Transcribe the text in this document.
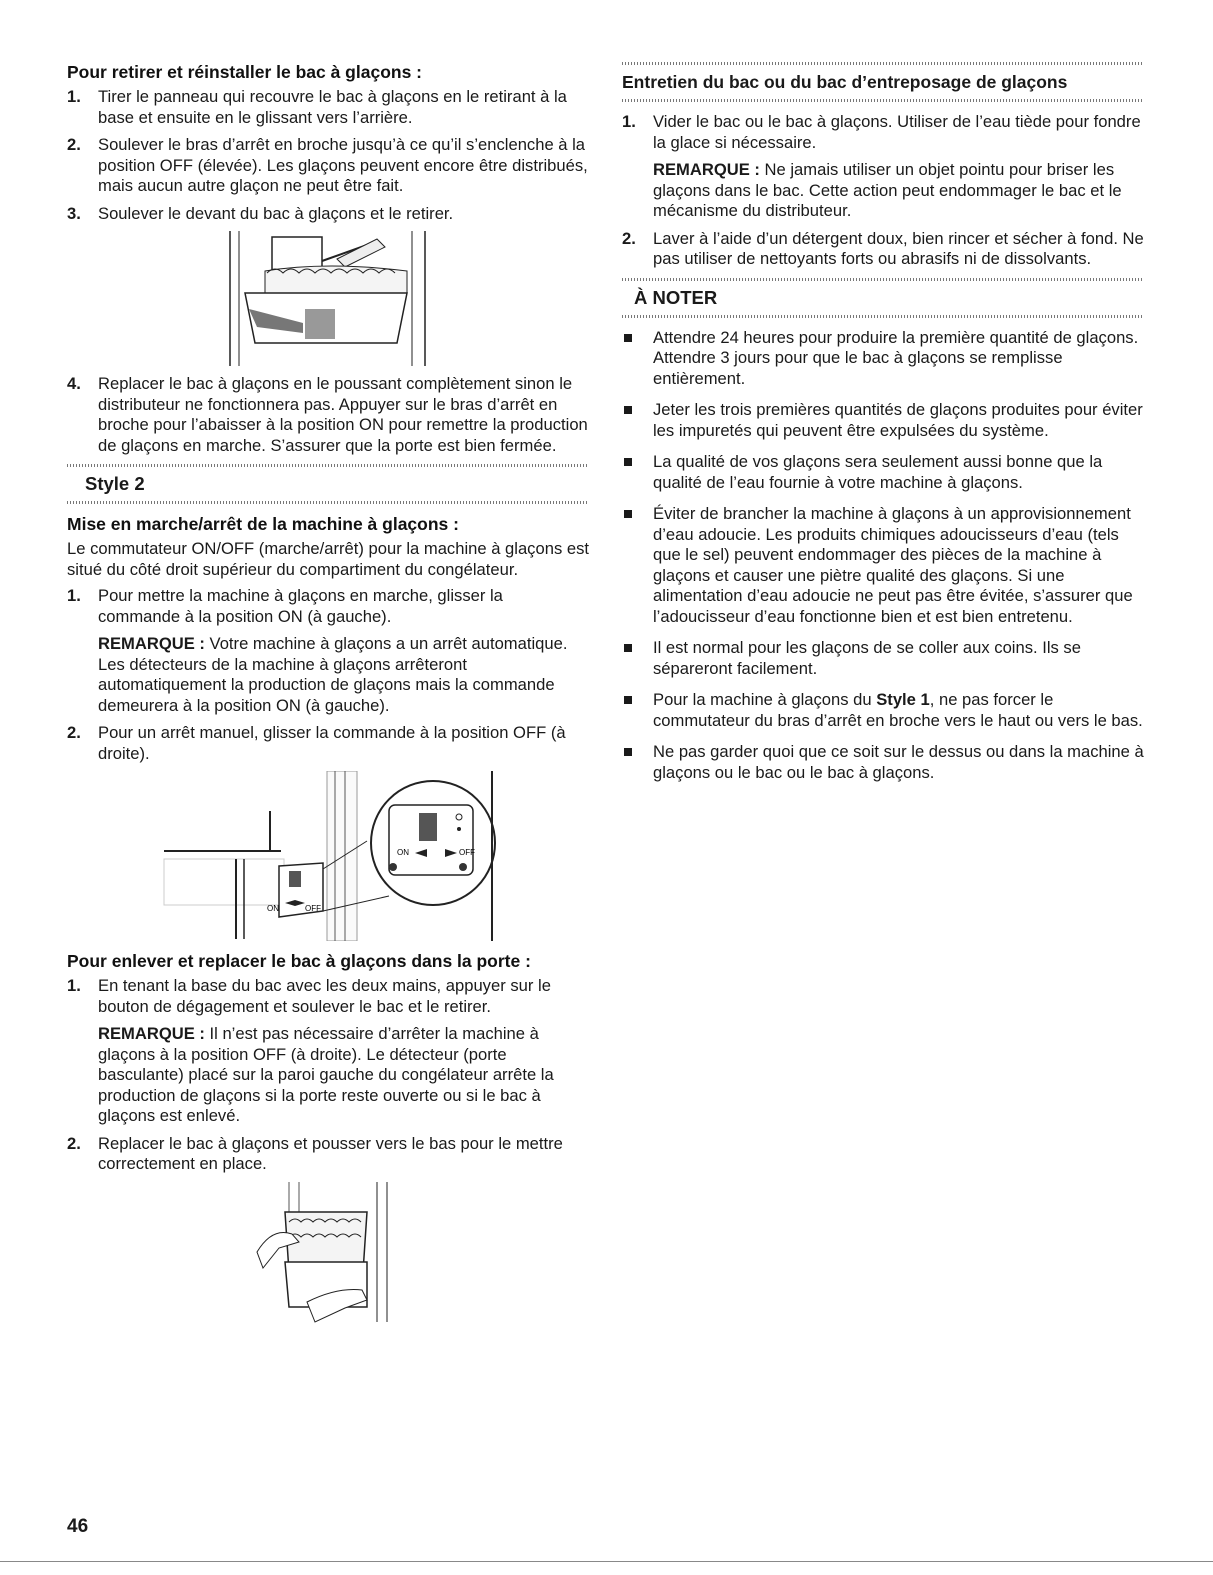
Pour retirer et réinstaller le bac à glaçons :
1. Tirer le panneau qui recouvre le bac à glaçons en le retirant à la base et ensuite en le glissant vers l’arrière.
2. Soulever le bras d’arrêt en broche jusqu’à ce qu’il s’enclenche à la position OFF (élevée). Les glaçons peuvent encore être distribués, mais aucun autre glaçon ne peut être fait.
3. Soulever le devant du bac à glaçons et le retirer.
4. Replacer le bac à glaçons en le poussant complètement sinon le distributeur ne fonctionnera pas. Appuyer sur le bras d’arrêt en broche pour l’abaisser à la position ON pour remettre la production de glaçons en marche. S’assurer que la porte est bien fermée.
Style 2
Mise en marche/arrêt de la machine à glaçons :

Le commutateur ON/OFF (marche/arrêt) pour la machine à glaçons est situé du côté droit supérieur du compartiment du congélateur.

1. Pour mettre la machine à glaçons en marche, glisser la commande à la position ON (à gauche).
REMARQUE : Votre machine à glaçons a un arrêt automatique. Les détecteurs de la machine à glaçons arrêteront automatiquement la production de glaçons mais la commande demeurera à la position ON (à gauche).
2. Pour un arrêt manuel, glisser la commande à la position OFF (à droite).
ON	OFF
ON	OFF
Pour enlever et replacer le bac à glaçons dans la porte :
1. En tenant la base du bac avec les deux mains, appuyer sur le bouton de dégagement et soulever le bac et le retirer.
REMARQUE : Il n’est pas nécessaire d’arrêter la machine à glaçons à la position OFF (à droite). Le détecteur (porte basculante) placé sur la paroi gauche du congélateur arrête la production de glaçons si la porte reste ouverte ou si le bac à glaçons est enlevé.
2. Replacer le bac à glaçons et pousser vers le bas pour le mettre correctement en place.
Entretien du bac ou du bac d’entreposage de glaçons
1. Vider le bac ou le bac à glaçons. Utiliser de l’eau tiède pour fondre la glace si nécessaire.
REMARQUE : Ne jamais utiliser un objet pointu pour briser les glaçons dans le bac. Cette action peut endommager le bac et le mécanisme du distributeur.
2. Laver à l’aide d’un détergent doux, bien rincer et sécher à fond. Ne pas utiliser de nettoyants forts ou abrasifs ni de dissolvants.
À NOTER
Attendre 24 heures pour produire la première quantité de glaçons. Attendre 3 jours pour que le bac à glaçons se remplisse entièrement.
Jeter les trois premières quantités de glaçons produites pour éviter les impuretés qui peuvent être expulsées du système.
La qualité de vos glaçons sera seulement aussi bonne que la qualité de l’eau fournie à votre machine à glaçons.
Éviter de brancher la machine à glaçons à un approvisionnement d’eau adoucie. Les produits chimiques adoucisseurs d’eau (tels que le sel) peuvent endommager des pièces de la machine à glaçons et causer une piètre qualité des glaçons. Si une alimentation d’eau adoucie ne peut pas être évitée, s’assurer que l’adoucisseur d’eau fonctionne bien et est bien entretenu.
Il est normal pour les glaçons de se coller aux coins. Ils se sépareront facilement.
Pour la machine à glaçons du Style 1, ne pas forcer le commutateur du bras d’arrêt en broche vers le haut ou vers le bas.
Ne pas garder quoi que ce soit sur le dessus ou dans la machine à glaçons ou le bac ou le bac à glaçons.
46
